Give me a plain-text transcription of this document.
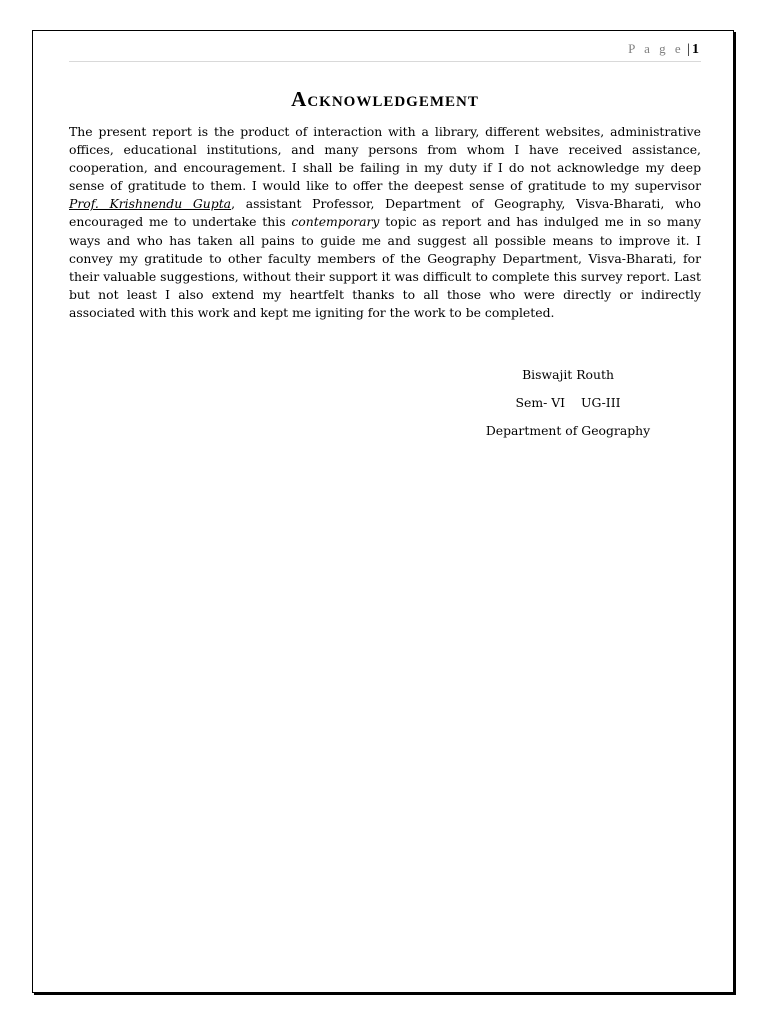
P a g e | 1
Acknowledgement

The present report is the product of interaction with a library, different websites, administrative offices, educational institutions, and many persons from whom I have received assistance, cooperation, and encouragement. I shall be failing in my duty if I do not acknowledge my deep sense of gratitude to them. I would like to offer the deepest sense of gratitude to my supervisor Prof. Krishnendu Gupta, assistant Professor, Department of Geography, Visva-Bharati, who encouraged me to undertake this contemporary topic as report and has indulged me in so many ways and who has taken all pains to guide me and suggest all possible means to improve it. I convey my gratitude to other faculty members of the Geography Department, Visva-Bharati, for their valuable suggestions, without their support it was difficult to complete this survey report. Last but not least I also extend my heartfelt thanks to all those who were directly or indirectly associated with this work and kept me igniting for the work to be completed.

Biswajit Routh
Sem- VI UG-III
Department of Geography
